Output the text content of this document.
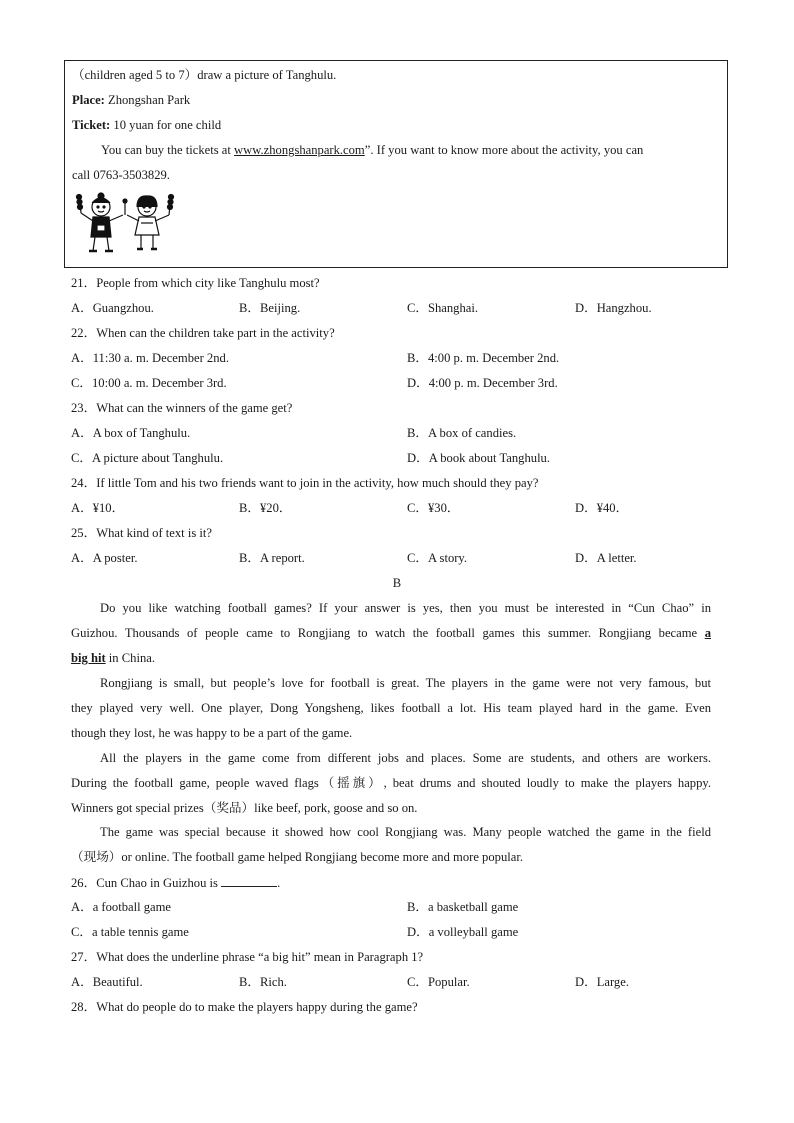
（children aged 5 to 7）draw a picture of Tanghulu.
Place: Zhongshan Park
Ticket: 10 yuan for one child
You can buy the tickets at www.zhongshanpark.com”. If you want to know more about the activity, you can
call 0763-3503829.
21．People from which city like Tanghulu most?
A．Guangzhou.	B．Beijing.	C．Shanghai.	D．Hangzhou.
22．When can the children take part in the activity?
A．11:30 a. m. December 2nd.	B．4:00 p. m. December 2nd.
C．10:00 a. m. December 3rd.	D．4:00 p. m. December 3rd.
23．What can the winners of the game get?
A．A box of Tanghulu.	B．A box of candies.
C．A picture about Tanghulu.	D．A book about Tanghulu.
24．If little Tom and his two friends want to join in the activity, how much should they pay?
A．¥10．	B．¥20．	C．¥30．	D．¥40．
25．What kind of text is it?
A．A poster.	B．A report.	C．A story.	D．A letter.
B
Do you like watching football games? If your answer is yes, then you must be interested in “Cun Chao” in
Guizhou. Thousands of people came to Rongjiang to watch the football games this summer. Rongjiang became a
big hit in China.
Rongjiang is small, but people’s love for football is great. The players in the game were not very famous, but
they played very well. One player, Dong Yongsheng, likes football a lot. His team played hard in the game. Even
though they lost, he was happy to be a part of the game.
All the players in the game come from different jobs and places. Some are students, and others are workers.
During the football game, people waved flags（摇旗）, beat drums and shouted loudly to make the players happy.
Winners got special prizes（奖品）like beef, pork, goose and so on.
The game was special because it showed how cool Rongjiang was. Many people watched the game in the field
（现场）or online. The football game helped Rongjiang become more and more popular.
26．Cun Chao in Guizhou is	.
A．a football game	B．a basketball game
C．a table tennis game	D．a volleyball game
27．What does the underline phrase “a big hit” mean in Paragraph 1?
A．Beautiful.	B．Rich.	C．Popular.	D．Large.
28．What do people do to make the players happy during the game?
